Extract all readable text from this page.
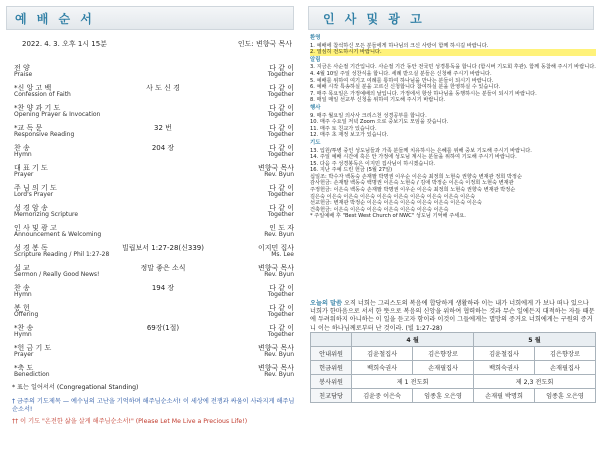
예 배 순 서
2022. 4. 3. 오후 1시 15분	인도: 변향국 목사
전 양	다 같 이
Praise	Together
*신 앙 고 백	사 도 신 경	다 같 이
Confession of Faith	Together
*찬 양 과 기 도	다 같 이
Opening Prayer & Invocation	Together
*교 독 문	32 번	다 같 이
Responsive Reading	Together
찬 송	204 장	다 같 이
Hymn	Together
대 표 기 도	변향국 목사
Prayer	Rev. Byun
주 님 의 기 도	다 같 이
Lord's Prayer	Together
성 경 암 송	다 같 이
Memorizing Scripture	Together
인 사 및 광 고	인 도 자
Announcement & Welcoming	Rev. Byun
성 경 봉 독	빌립보서 1:27-28(신339)	이지민 집사
Scripture Reading / Phil 1:27-28	Ms. Lee
설 교	정말 좋은 소식	변향국 목사
Sermon / Really Good News!	Rev. Byun
찬 송	194 장	다 같 이
Hymn	Together
봉 헌	다 같 이
Offering	Together
*찬 송	69장(1절)	다 같 이
Hymn	Together
*헌 금 기 도	변향국 목사
Prayer	Rev. Byun
*축 도	변향국 목사
Benediction	Rev. Byun
* 표는 일어서서 (Congregational Standing)
† 금주의 기도제목 — 예수님의 고난을 기억하며 해주님순소서! 이 세상에 전쟁과 싸움이 사라지게 해주님순소서!
†† 이 기도 "온전한 삶을 살게 해주님순소서!" (Please Let Me Live a Precious Life!)
인 사 및 광 고

환영

1. 예배에 참석하신 모든 분들에게 하나님의 크신 사랑이 함께 하시길 바랍니다.

2. 열심히 전도하시기 바랍니다.

알림

3. 지금은 사순절 기간입니다. 사순절 기간 동안 전국민 성경통독을 합니다 (함시버 기도회 후관). 함께 동참해 주시기 바랍니다.

4. 4월 10일 주일 성찬식을 합니다. 세례 받으실 분들은 신청해 주시기 바랍니다.

5. 예배를 위하여 여기고 여례를 통하여 하나님을 만나는 분들이 되시기 바랍니다.

6. 예배 시작 특송하실 분을 고르신 신청합니다 참여하실 분을 한영하실 수 있습니다.

7. 매주 목요일은 가정예배의 날입니다. 가정에서 항상 하나님을 동행하시는 분들이 되시기 바랍니다.

8. 매일 매일 선교부 신청을 위하여 기도해 주시기 바랍니다.

행사

9. 매주 월요일 의사사 크리스천 성경공부를 합니다.

10. 매주 수요일 저녁 Zoom 으로 중보기도 모임을 갖습니다.

11. 매주 토 친교가 있습니다.

12. 매주 초 재정 보고가 있습니다.

기도

13. 입원/투병 중인 성도님들과 가족 분들께 치유하시는 은혜를 위해 중보 기도해 주시기 바랍니다.

14. 주일 예배 시간에 혹은 안 가정에 성도님 계시는 분들을 위하여 기도해 주시기 바랍니다.

15. 다음 주 성경봉독은 이지민 집사님이 하시겠습니다.

16. 지난 주예 드린 헌금 (5월 27일)

십일조: 박수자 백동숙 손재팔 박명권 이우순 이은숙 최정희 노현숙 권향숙 변재관 정희 박정순

감사헌금: 손재팔 백동숙 백명권 이은숙 노현숙 / 김애 박정순 이은숙 이정희 노현숙 변재관

주정헌금: 이은숙 백동숙 손재팔 박명권 이우순 이은숙 최정희 노현숙 권향숙 변재관 박정순

김은숙 이은숙 이은숙 이은숙 이은숙 이은숙 이은숙 이은숙 이은숙 이은숙

선교헌금: 변재관 박정순 이은숙 이은숙 이은숙 이은숙 이은숙 이은숙 이은숙

건축헌금: 이은숙 이은숙 이은숙 이은숙 이은숙 이은숙 이은숙

* 주일예배 후 "Best West Church of NWC" 성도님 기억해 주세요.

오늘의 말씀 오직 너희는 그리스도의 복음에 합당하게 생활하라 이는 내가 너희에게 가 보나 떠나 있으나 너희가 한마음으로 서서 한 뜻으로 복음의 신앙을 위하여 협력하는 것과 무슨 일에든지 대적하는 자들 때문에 두려워하지 아니하는 이 일을 듣고자 함이라 이것이 그들에게는 멸망의 증거요 너희에게는 구원의 증거니 이는 하나님께로부터 난 것이라. (빌 1:27-28)
	4 월		5 월	
안내위원	김윤철집사	김은향장로	김윤철집사	김은향장로
헌금위원	백희숙권사	손재필집사	백희숙권사	손재필집사
봉사위원	제 1 전도회		제 2,3 전도회	
친교담당	김윤중 이은숙	임종훈 오은영	손재필 박명희	임종훈 오은영
